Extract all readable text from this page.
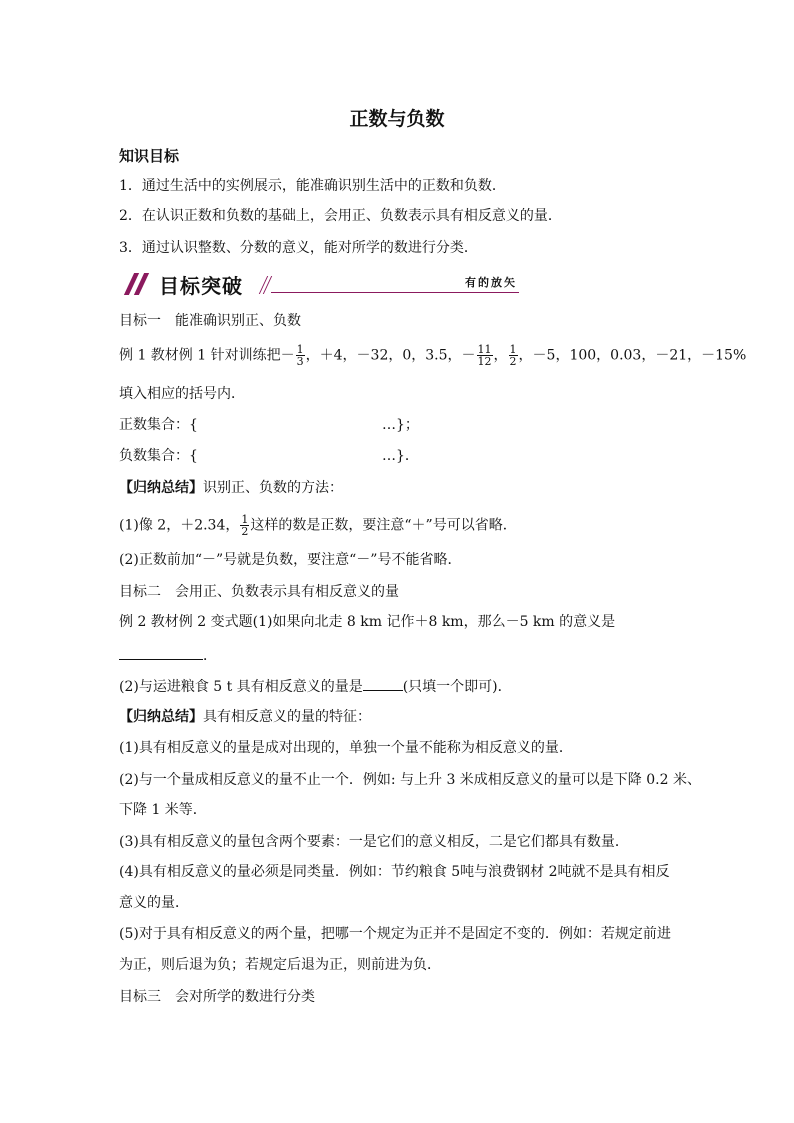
正数与负数
知识目标
1．通过生活中的实例展示，能准确识别生活中的正数和负数．
2．在认识正数和负数的基础上，会用正、负数表示具有相反意义的量．
3．通过认识整数、分数的意义，能对所学的数进行分类．
目标突破	有的放矢
目标一　能准确识别正、负数
例 1 教材例 1 针对训练把－ $\frac{1}{3}$ ，＋4，－32，0，3.5，－ $\frac{11}{12}$ ， $\frac{1}{2}$ ，－5，100，0.03，－21，－15%
填入相应的括号内．
正数集合：{	…}；
负数集合：{	…}．
【归纳总结】识别正、负数的方法：
(1)像 2，＋2.34， $\frac{1}{2}$ 这样的数是正数，要注意“＋”号可以省略．
(2)正数前加“－”号就是负数，要注意“－”号不能省略．
目标二　会用正、负数表示具有相反意义的量
例 2 教材例 2 变式题(1)如果向北走 8 km 记作＋8 km，那么－5 km 的意义是
．
(2)与运进粮食 5 t 具有相反意义的量是	(只填一个即可)．
【归纳总结】具有相反意义的量的特征：
(1)具有相反意义的量是成对出现的，单独一个量不能称为相反意义的量．
(2)与一个量成相反意义的量不止一个．例如: 与上升 3 米成相反意义的量可以是下降 0.2 米、
下降 1 米等．
(3)具有相反意义的量包含两个要素：一是它们的意义相反，二是它们都具有数量．
(4)具有相反意义的量必须是同类量．例如：节约粮食 5吨与浪费钢材 2吨就不是具有相反
意义的量．
(5)对于具有相反意义的两个量，把哪一个规定为正并不是固定不变的．例如：若规定前进
为正，则后退为负；若规定后退为正，则前进为负．
目标三　会对所学的数进行分类
